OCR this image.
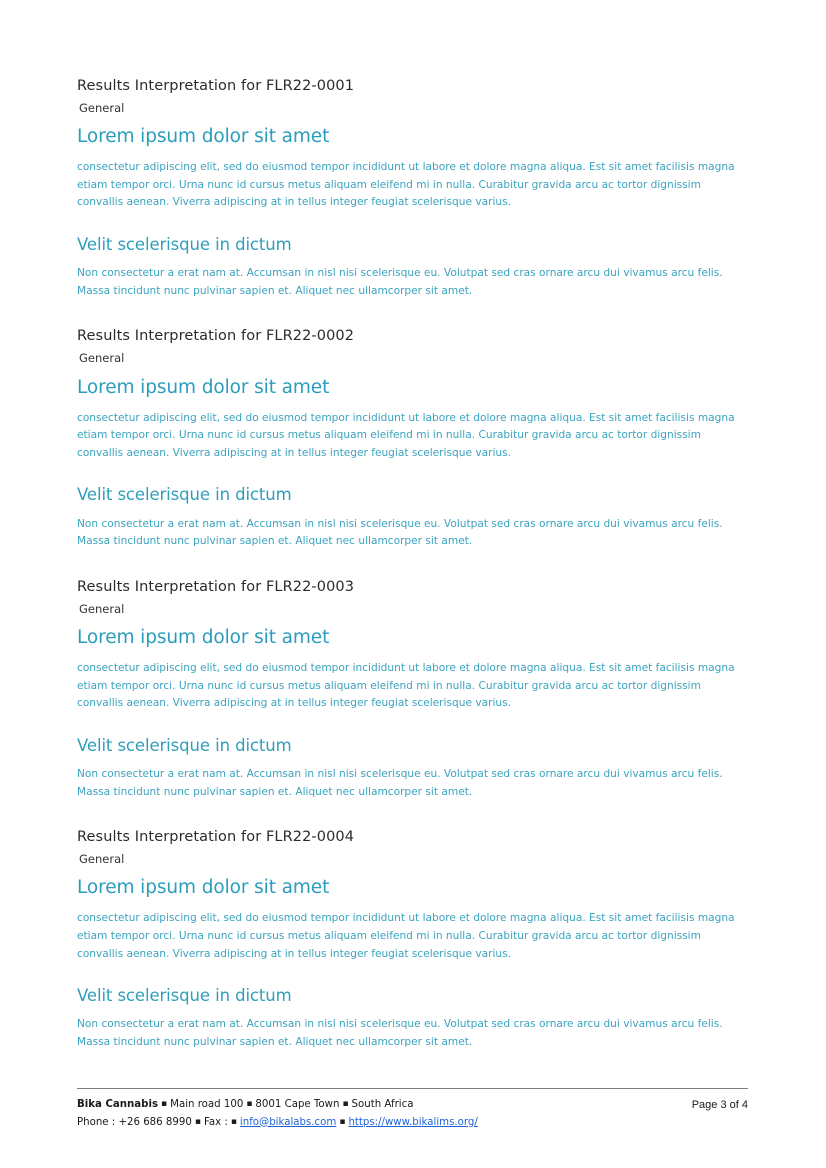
Results Interpretation for FLR22-0001

General

Lorem ipsum dolor sit amet

consectetur adipiscing elit, sed do eiusmod tempor incididunt ut labore et dolore magna aliqua. Est sit amet facilisis magna etiam tempor orci. Urna nunc id cursus metus aliquam eleifend mi in nulla. Curabitur gravida arcu ac tortor dignissim convallis aenean. Viverra adipiscing at in tellus integer feugiat scelerisque varius.

Velit scelerisque in dictum

Non consectetur a erat nam at. Accumsan in nisl nisi scelerisque eu. Volutpat sed cras ornare arcu dui vivamus arcu felis. Massa tincidunt nunc pulvinar sapien et. Aliquet nec ullamcorper sit amet.

Results Interpretation for FLR22-0002

General

Lorem ipsum dolor sit amet

consectetur adipiscing elit, sed do eiusmod tempor incididunt ut labore et dolore magna aliqua. Est sit amet facilisis magna etiam tempor orci. Urna nunc id cursus metus aliquam eleifend mi in nulla. Curabitur gravida arcu ac tortor dignissim convallis aenean. Viverra adipiscing at in tellus integer feugiat scelerisque varius.

Velit scelerisque in dictum

Non consectetur a erat nam at. Accumsan in nisl nisi scelerisque eu. Volutpat sed cras ornare arcu dui vivamus arcu felis. Massa tincidunt nunc pulvinar sapien et. Aliquet nec ullamcorper sit amet.

Results Interpretation for FLR22-0003

General

Lorem ipsum dolor sit amet

consectetur adipiscing elit, sed do eiusmod tempor incididunt ut labore et dolore magna aliqua. Est sit amet facilisis magna etiam tempor orci. Urna nunc id cursus metus aliquam eleifend mi in nulla. Curabitur gravida arcu ac tortor dignissim convallis aenean. Viverra adipiscing at in tellus integer feugiat scelerisque varius.

Velit scelerisque in dictum

Non consectetur a erat nam at. Accumsan in nisl nisi scelerisque eu. Volutpat sed cras ornare arcu dui vivamus arcu felis. Massa tincidunt nunc pulvinar sapien et. Aliquet nec ullamcorper sit amet.

Results Interpretation for FLR22-0004

General

Lorem ipsum dolor sit amet

consectetur adipiscing elit, sed do eiusmod tempor incididunt ut labore et dolore magna aliqua. Est sit amet facilisis magna etiam tempor orci. Urna nunc id cursus metus aliquam eleifend mi in nulla. Curabitur gravida arcu ac tortor dignissim convallis aenean. Viverra adipiscing at in tellus integer feugiat scelerisque varius.

Velit scelerisque in dictum

Non consectetur a erat nam at. Accumsan in nisl nisi scelerisque eu. Volutpat sed cras ornare arcu dui vivamus arcu felis. Massa tincidunt nunc pulvinar sapien et. Aliquet nec ullamcorper sit amet.

Bika Cannabis ▪ Main road 100 ▪ 8001 Cape Town ▪ South Africa
Phone : +26 686 8990 ▪ Fax : ▪ info@bikalabs.com ▪ https://www.bikalims.org/
Page 3 of 4
